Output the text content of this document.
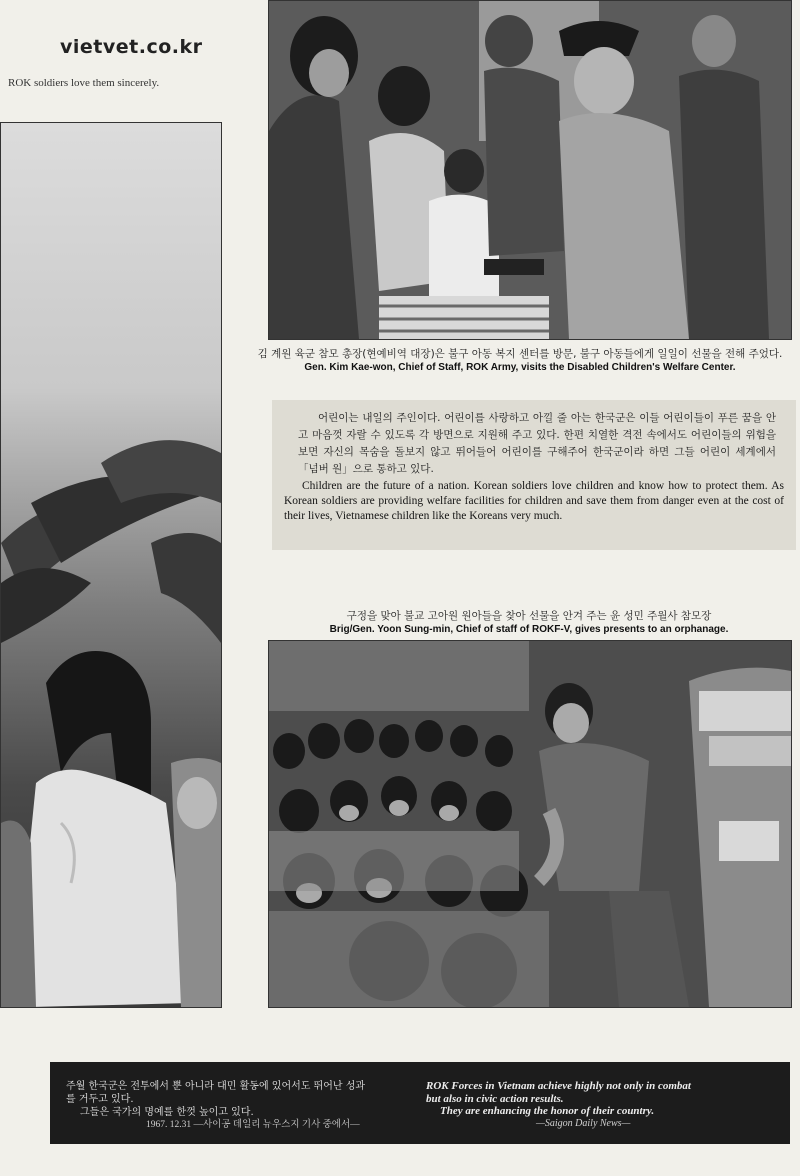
vietvet.co.kr
ROK soldiers love them sincerely.
김 계원 육군 참모 총장(현예비역 대장)은 불구 아동 복지 센터를 방문, 불구 아동들에게 일일이 선물을 전해 주었다.
Gen. Kim Kae-won, Chief of Staff, ROK Army, visits the Disabled Children's Welfare Center.

어린이는 내일의 주인이다. 어린이를 사랑하고 아낄 줄 아는 한국군은 이들 어린이들이 푸른 꿈을 안고 마음껏 자랄 수 있도록 각 방면으로 지원해 주고 있다. 한편 치열한 격전 속에서도 어린이들의 위험을 보면 자신의 목숨을 돌보지 않고 뛰어들어 어린이를 구해주어 한국군이라 하면 그들 어린이 세계에서 「넘버 원」으로 통하고 있다.

Children are the future of a nation. Korean soldiers love children and know how to protect them. As Korean soldiers are providing welfare facilities for children and save them from danger even at the cost of their lives, Vietnamese children like the Koreans very much.

구정을 맞아 불교 고아원 원아들을 찾아 선물을 안겨 주는 윤 성민 주월사 참모장
Brig/Gen. Yoon Sung-min, Chief of staff of ROKF-V, gives presents to an orphanage.
주월 한국군은 전투에서 뿐 아니라 대민 활동에 있어서도 뛰어난 성과
를 거두고 있다.
그들은 국가의 명예를 한껏 높이고 있다.
1967. 12.31 —사이공 데일리 뉴우스지 기사 중에서—
ROK Forces in Vietnam achieve highly not only in combat
but also in civic action results.
They are enhancing the honor of their country.
—Saigon Daily News—
